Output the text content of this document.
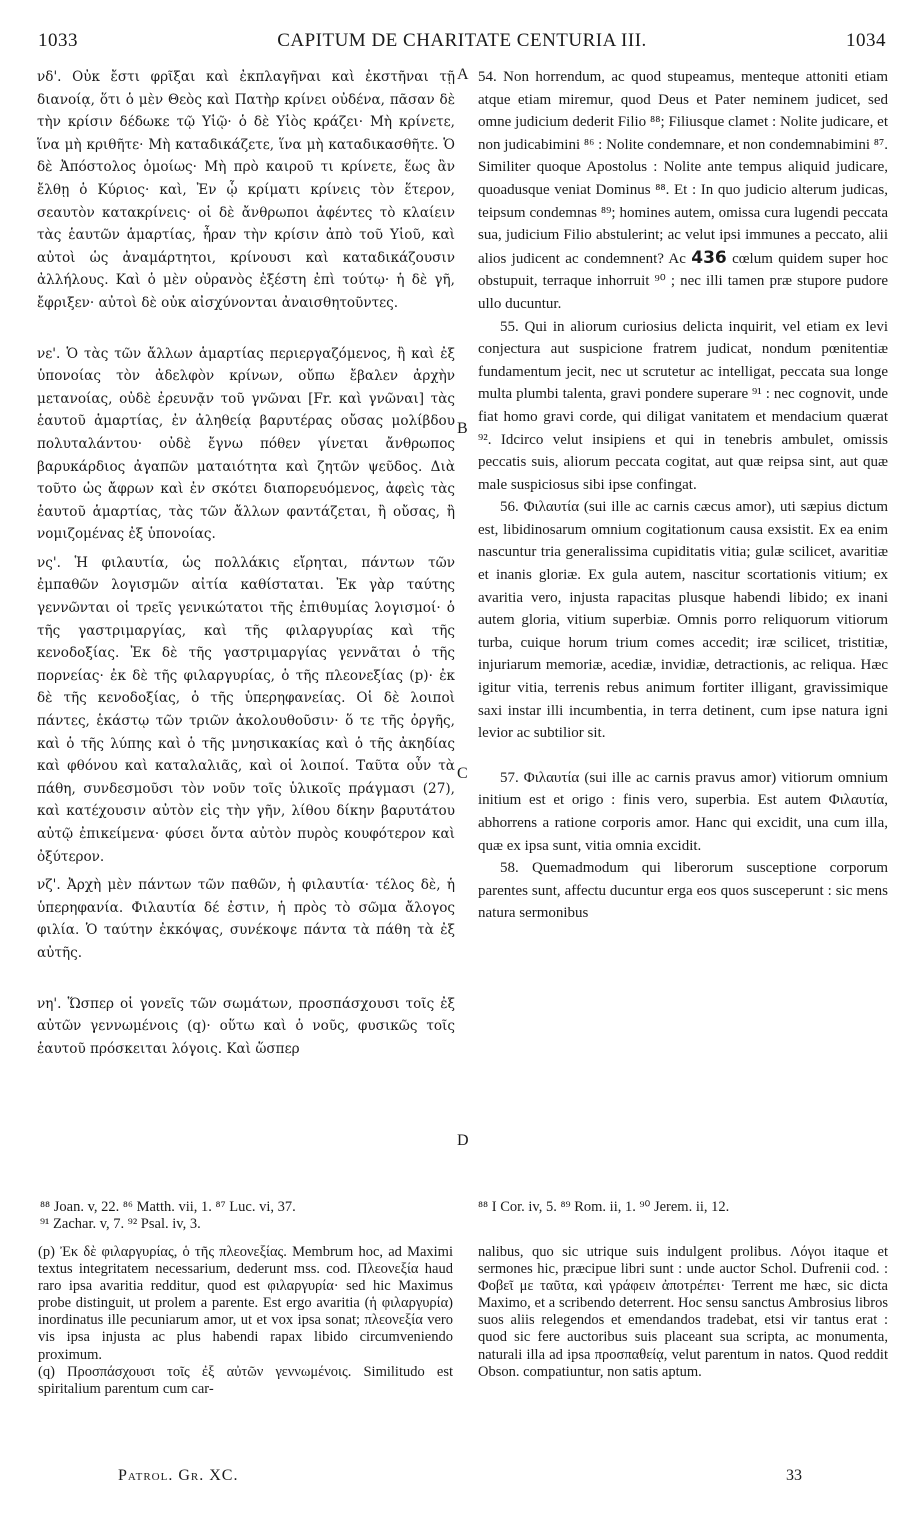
1033	CAPITUM DE CHARITATE CENTURIA III.	1034
A
B
C
D

νδ'. Οὐκ ἔστι φρῖξαι καὶ ἐκπλαγῆναι καὶ ἐκστῆναι τῇ διανοίᾳ, ὅτι ὁ μὲν Θεὸς καὶ Πατὴρ κρίνει οὐδένα, πᾶσαν δὲ τὴν κρίσιν δέδωκε τῷ Υἱῷ· ὁ δὲ Υἱὸς κράζει· Μὴ κρίνετε, ἵνα μὴ κριθῆτε· Μὴ καταδικάζετε, ἵνα μὴ καταδικασθῆτε. Ὁ δὲ Ἀπόστολος ὁμοίως· Μὴ πρὸ καιροῦ τι κρίνετε, ἕως ἂν ἔλθῃ ὁ Κύριος· καὶ, Ἐν ᾧ κρίματι κρίνεις τὸν ἕτερον, σεαυτὸν κατακρίνεις· οἱ δὲ ἄνθρωποι ἀφέντες τὸ κλαίειν τὰς ἑαυτῶν ἁμαρτίας, ἦραν τὴν κρίσιν ἀπὸ τοῦ Υἱοῦ, καὶ αὐτοὶ ὡς ἀναμάρτητοι, κρίνουσι καὶ καταδικάζουσιν ἀλλήλους. Καὶ ὁ μὲν οὐρανὸς ἐξέστη ἐπὶ τούτῳ· ἡ δὲ γῆ, ἔφριξεν· αὐτοὶ δὲ οὐκ αἰσχύνονται ἀναισθητοῦντες.

νε'. Ὁ τὰς τῶν ἄλλων ἁμαρτίας περιεργαζόμενος, ἢ καὶ ἐξ ὑπονοίας τὸν ἀδελφὸν κρίνων, οὔπω ἔβαλεν ἀρχὴν μετανοίας, οὐδὲ ἐρευνᾷν τοῦ γνῶναι [Fr. καὶ γνῶναι] τὰς ἑαυτοῦ ἁμαρτίας, ἐν ἀληθείᾳ βαρυτέρας οὔσας μολίβδου πολυταλάντου· οὐδὲ ἔγνω πόθεν γίνεται ἄνθρωπος βαρυκάρδιος ἀγαπῶν ματαιότητα καὶ ζητῶν ψεῦδος. Διὰ τοῦτο ὡς ἄφρων καὶ ἐν σκότει διαπορευόμενος, ἀφεὶς τὰς ἑαυτοῦ ἁμαρτίας, τὰς τῶν ἄλλων φαντάζεται, ἢ οὔσας, ἢ νομιζομένας ἐξ ὑπονοίας.

νς'. Ἡ φιλαυτία, ὡς πολλάκις εἴρηται, πάντων τῶν ἐμπαθῶν λογισμῶν αἰτία καθίσταται. Ἐκ γὰρ ταύτης γεννῶνται οἱ τρεῖς γενικώτατοι τῆς ἐπιθυμίας λογισμοί· ὁ τῆς γαστριμαργίας, καὶ τῆς φιλαργυρίας καὶ τῆς κενοδοξίας. Ἐκ δὲ τῆς γαστριμαργίας γεννᾶται ὁ τῆς πορνείας· ἐκ δὲ τῆς φιλαργυρίας, ὁ τῆς πλεονεξίας (p)· ἐκ δὲ τῆς κενοδοξίας, ὁ τῆς ὑπερηφανείας. Οἱ δὲ λοιποὶ πάντες, ἑκάστῳ τῶν τριῶν ἀκολουθοῦσιν· ὅ τε τῆς ὀργῆς, καὶ ὁ τῆς λύπης καὶ ὁ τῆς μνησικακίας καὶ ὁ τῆς ἀκηδίας καὶ φθόνου καὶ καταλαλιᾶς, καὶ οἱ λοιποί. Ταῦτα οὖν τὰ πάθη, συνδεσμοῦσι τὸν νοῦν τοῖς ὑλικοῖς πράγμασι (27), καὶ κατέχουσιν αὐτὸν εἰς τὴν γῆν, λίθου δίκην βαρυτάτου αὐτῷ ἐπικείμενα· φύσει ὄντα αὐτὸν πυρὸς κουφότερον καὶ ὀξύτερον.

νζ'. Ἀρχὴ μὲν πάντων τῶν παθῶν, ἡ φιλαυτία· τέλος δὲ, ἡ ὑπερηφανία. Φιλαυτία δέ ἐστιν, ἡ πρὸς τὸ σῶμα ἄλογος φιλία. Ὁ ταύτην ἐκκόψας, συνέκοψε πάντα τὰ πάθη τὰ ἐξ αὐτῆς.

νη'. Ὥσπερ οἱ γονεῖς τῶν σωμάτων, προσπάσχουσι τοῖς ἐξ αὐτῶν γεννωμένοις (q)· οὕτω καὶ ὁ νοῦς, φυσικῶς τοῖς ἑαυτοῦ πρόσκειται λόγοις. Καὶ ὥσπερ

54. Non horrendum, ac quod stupeamus, menteque attoniti etiam atque etiam miremur, quod Deus et Pater neminem judicet, sed omne judicium dederit Filio ⁸⁸; Filiusque clamet : Nolite judicare, et non judicabimini ⁸⁶ : Nolite condemnare, et non condemnabimini ⁸⁷. Similiter quoque Apostolus : Nolite ante tempus aliquid judicare, quoadusque veniat Dominus ⁸⁸. Et : In quo judicio alterum judicas, teipsum condemnas ⁸⁹; homines autem, omissa cura lugendi peccata sua, judicium Filio abstulerint; ac velut ipsi immunes a peccato, alii alios judicent ac condemnent? Ac 436 cœlum quidem super hoc obstupuit, terraque inhorruit ⁹⁰ ; nec illi tamen præ stupore pudore ullo ducuntur.

55. Qui in aliorum curiosius delicta inquirit, vel etiam ex levi conjectura aut suspicione fratrem judicat, nondum pœnitentiæ fundamentum jecit, nec ut scrutetur ac intelligat, peccata sua longe multa plumbi talenta, gravi pondere superare ⁹¹ : nec cognovit, unde fiat homo gravi corde, qui diligat vanitatem et mendacium quærat ⁹². Idcirco velut insipiens et qui in tenebris ambulet, omissis peccatis suis, aliorum peccata cogitat, aut quæ reipsa sint, aut quæ male suspiciosus sibi ipse confingat.

56. Φιλαυτία (sui ille ac carnis cæcus amor), uti sæpius dictum est, libidinosarum omnium cogitationum causa exsistit. Ex ea enim nascuntur tria generalissima cupiditatis vitia; gulæ scilicet, avaritiæ et inanis gloriæ. Ex gula autem, nascitur scortationis vitium; ex avaritia vero, injusta rapacitas plusque habendi libido; ex inani autem gloria, vitium superbiæ. Omnis porro reliquorum vitiorum turba, cuique horum trium comes accedit; iræ scilicet, tristitiæ, injuriarum memoriæ, acediæ, invidiæ, detractionis, ac reliqua. Hæc igitur vitia, terrenis rebus animum fortiter illigant, gravissimique saxi instar illi incumbentia, in terra detinent, cum ipse natura igni levior ac subtilior sit.

57. Φιλαυτία (sui ille ac carnis pravus amor) vitiorum omnium initium est et origo : finis vero, superbia. Est autem Φιλαυτία, abhorrens a ratione corporis amor. Hanc qui excidit, una cum illa, quæ ex ipsa sunt, vitia omnia excidit.

58. Quemadmodum qui liberorum susceptione corporum parentes sunt, affectu ducuntur erga eos quos susceperunt : sic mens natura sermonibus

⁸⁸ Joan. v, 22. ⁸⁶ Matth. vii, 1. ⁸⁷ Luc. vi, 37.
⁹¹ Zachar. v, 7. ⁹² Psal. iv, 3.
⁸⁸ I Cor. iv, 5. ⁸⁹ Rom. ii, 1. ⁹⁰ Jerem. ii, 12.

(p) Ἐκ δὲ φιλαργυρίας, ὁ τῆς πλεονεξίας. Membrum hoc, ad Maximi textus integritatem necessarium, dederunt mss. cod. Πλεονεξία haud raro ipsa avaritia redditur, quod est φιλαργυρία· sed hic Maximus probe distinguit, ut prolem a parente. Est ergo avaritia (ἡ φιλαργυρία) inordinatus ille pecuniarum amor, ut et vox ipsa sonat; πλεονεξία vero vis ipsa injusta ac plus habendi rapax libido circumveniendo proximum.

(q) Προσπάσχουσι τοῖς ἐξ αὐτῶν γεννωμένοις. Similitudo est spiritalium parentum cum car-

nalibus, quo sic utrique suis indulgent prolibus. Λόγοι itaque et sermones hic, præcipue libri sunt : unde auctor Schol. Dufrenii cod. : Φοβεῖ με ταῦτα, καὶ γράφειν ἀποτρέπει· Terrent me hæc, sic dicta Maximo, et a scribendo deterrent. Hoc sensu sanctus Ambrosius libros suos aliis relegendos et emendandos tradebat, etsi vir tantus erat : quod sic fere auctoribus suis placeant sua scripta, ac monumenta, naturali illa ad ipsa προσπαθείᾳ, velut parentum in natos. Quod reddit Obson. compatiuntur, non satis aptum.

Patrol. Gr. XC.	33
